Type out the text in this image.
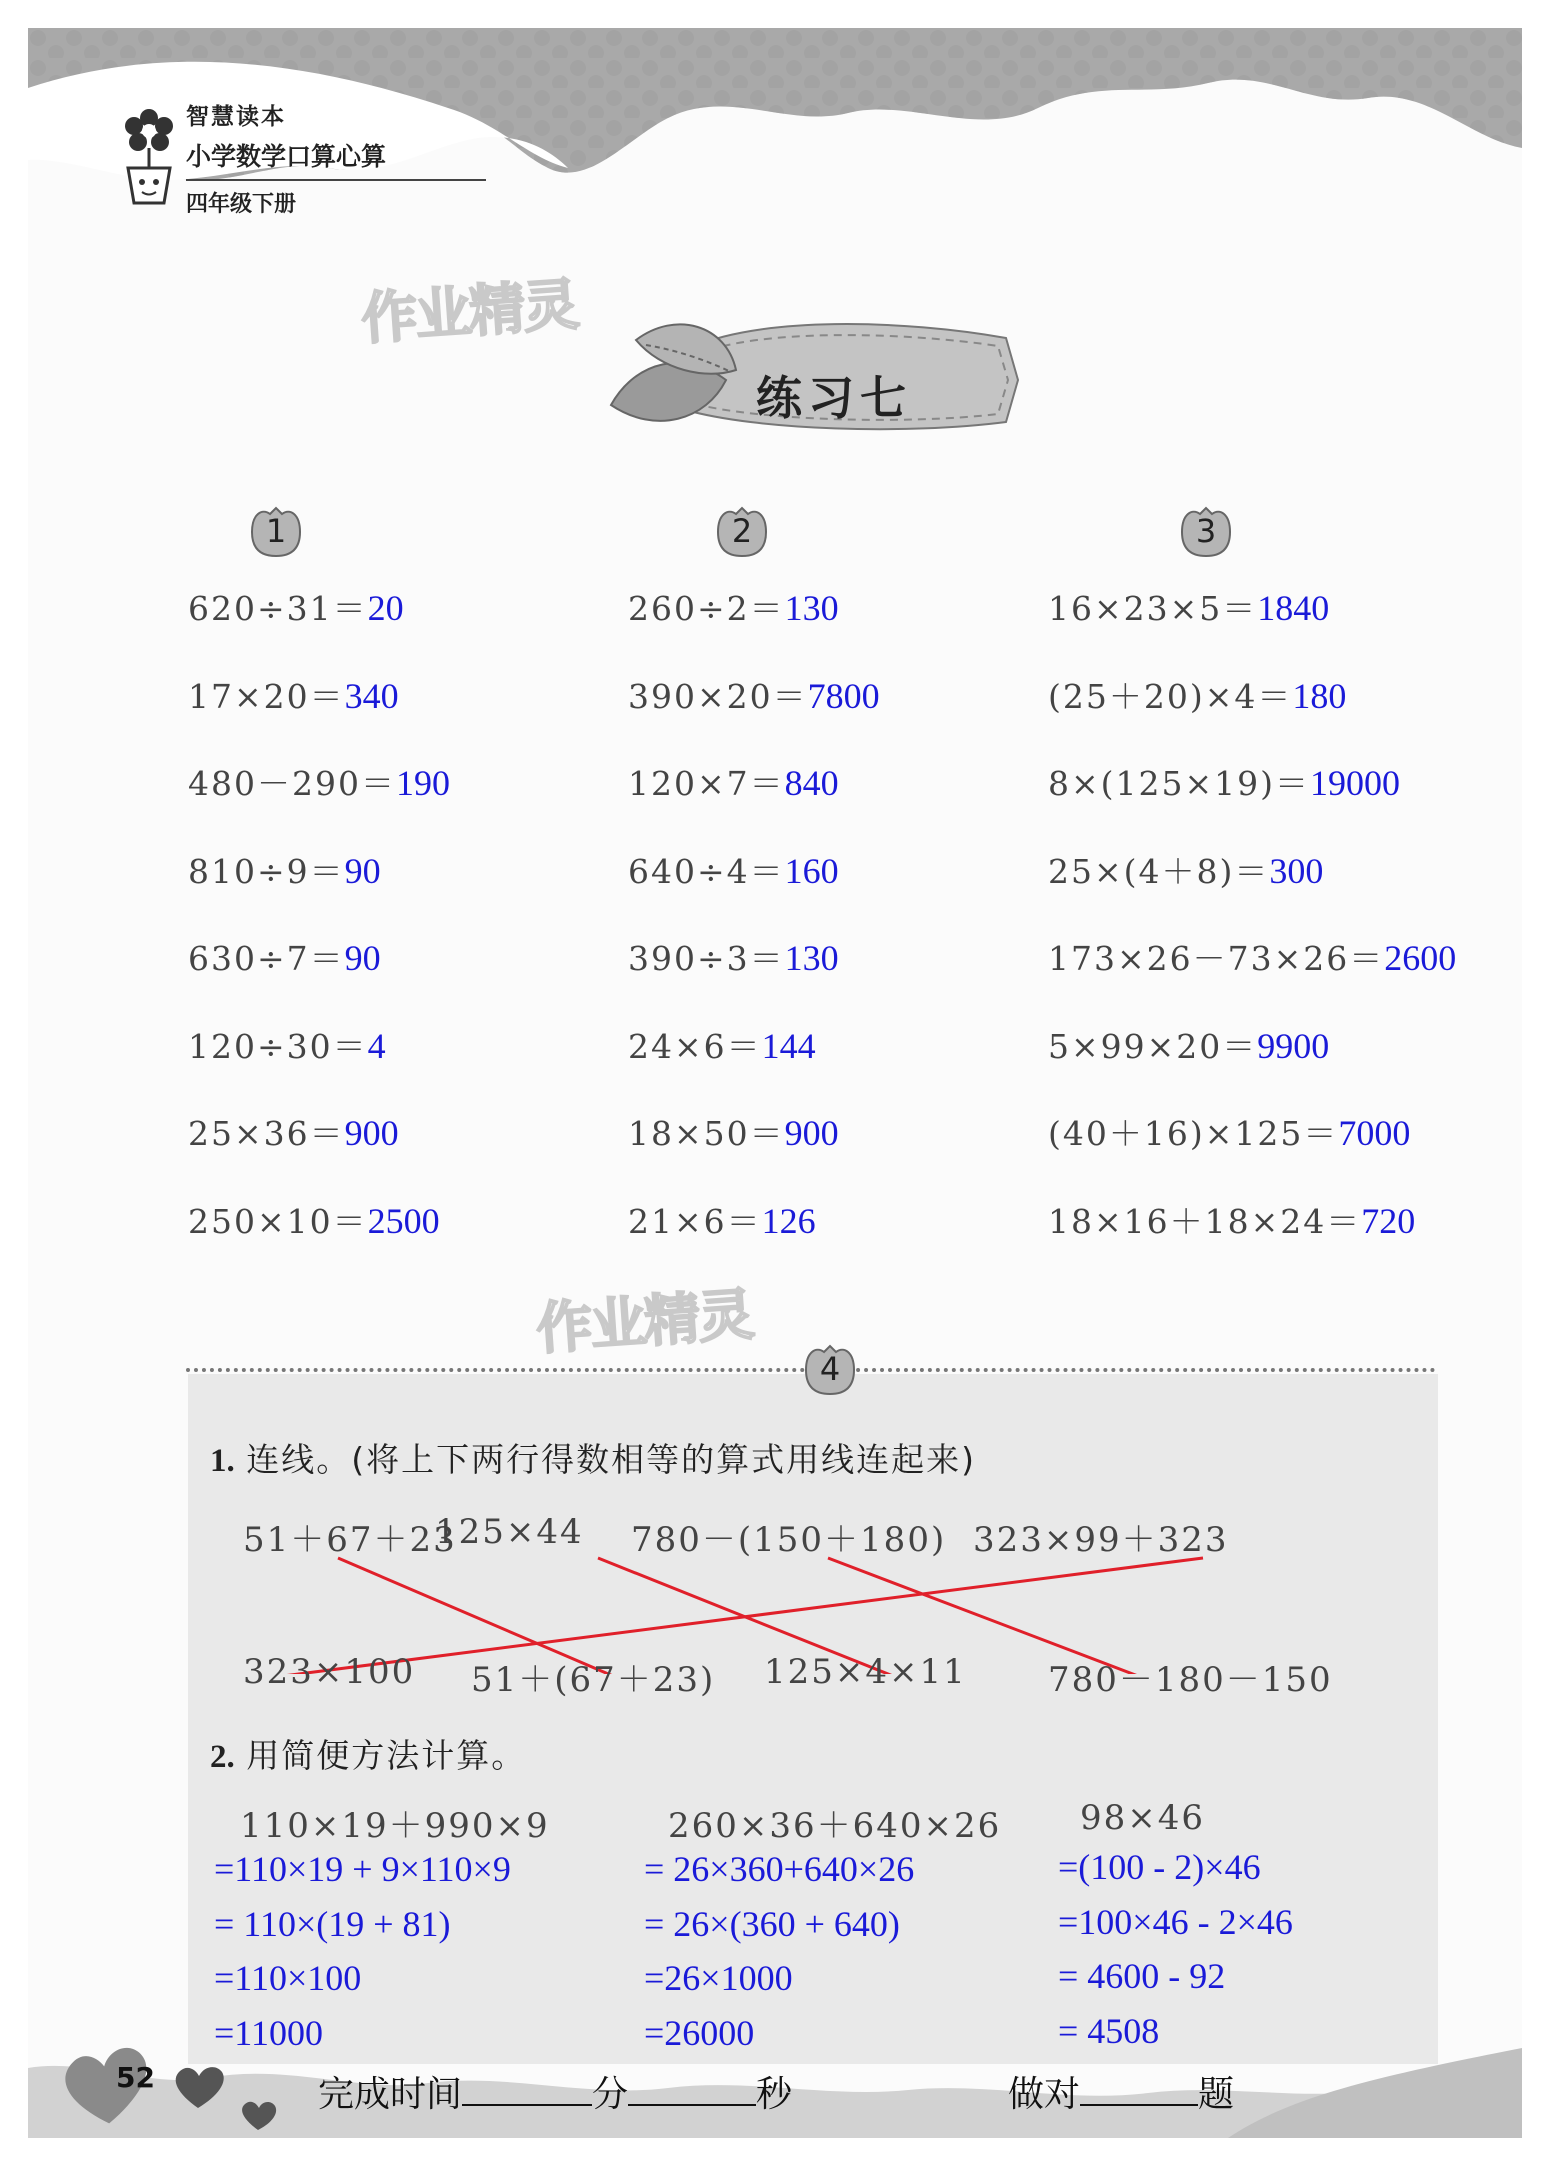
智慧读本
小学数学口算心算
四年级下册
作业精灵
作业精灵
练习七
1	2	3
620÷31＝20
17×20＝340
480－290＝190
810÷9＝90
630÷7＝90
120÷30＝4
25×36＝900
250×10＝2500
260÷2＝130
390×20＝7800
120×7＝840
640÷4＝160
390÷3＝130
24×6＝144
18×50＝900
21×6＝126
16×23×5＝1840
(25＋20)×4＝180
8×(125×19)＝19000
25×(4＋8)＝300
173×26－73×26＝2600
5×99×20＝9900
(40＋16)×125＝7000
18×16＋18×24＝720
1. 连线。(将上下两行得数相等的算式用线连起来)
51＋67＋23
125×44 780－(150＋180) 323×99＋323
323×100 51＋(67＋23) 125×4×11 780－180－150
2. 用简便方法计算。
110×19＋990×9	260×36＋640×26 98×46
=110×19 + 9×110×9
= 110×(19 + 81)
=110×100
=11000
= 26×360+640×26
= 26×(360 + 640)
=26×1000
=26000
=(100 - 2)×46
=100×46 - 2×46
= 4600 - 92
= 4508
4
52	完成时间	分	秒	做对	题
